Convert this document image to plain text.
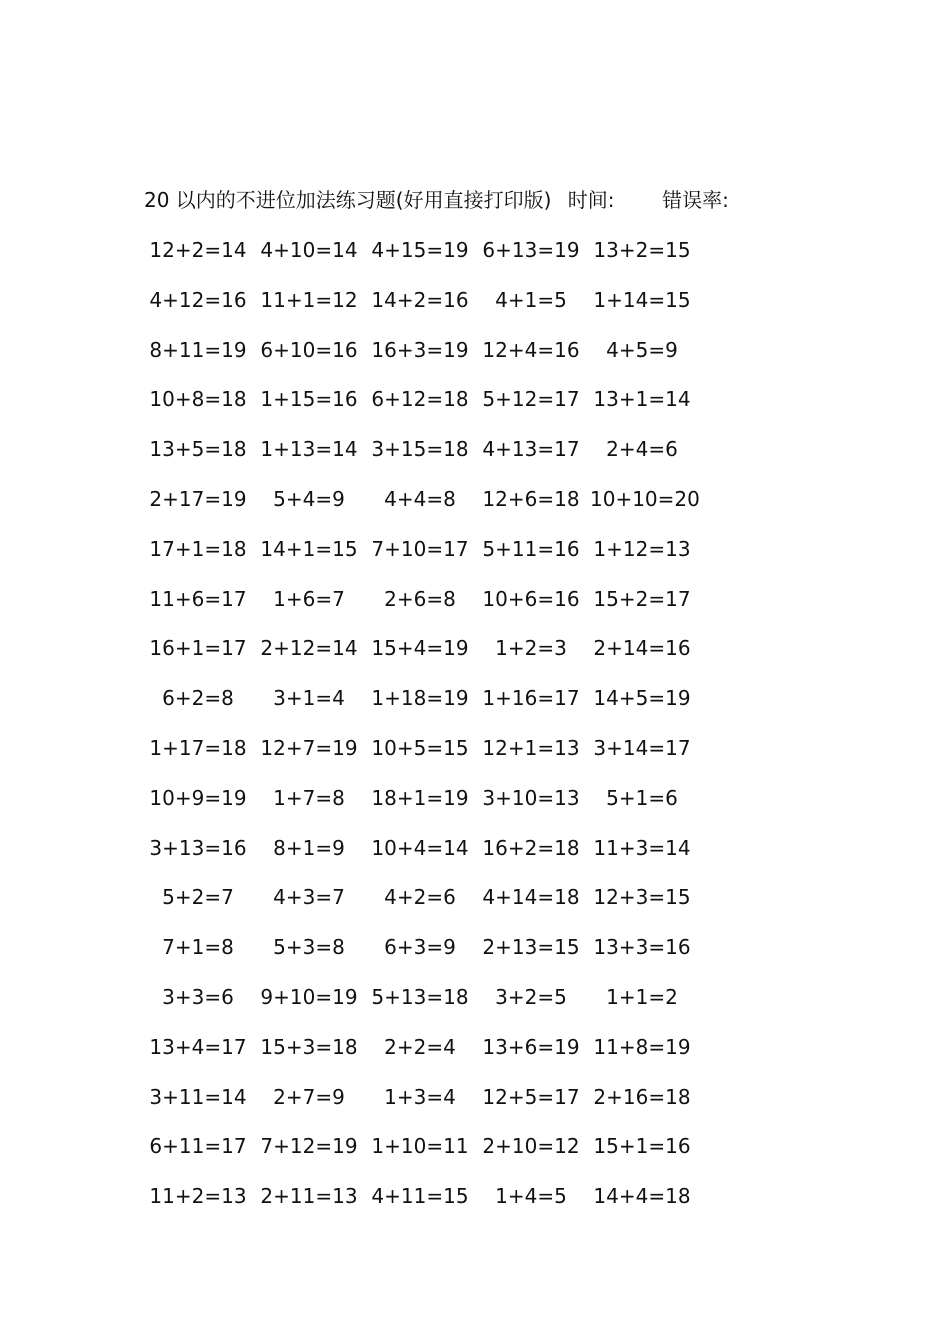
20 以内的不进位加法练习题(好用直接打印版) 时间: 错误率:
12+2=14 4+10=14 4+15=19 6+13=19 13+2=15
4+12=16 11+1=12 14+2=16	4+1=5	1+14=15
8+11=19 6+10=16 16+3=19 12+4=16	4+5=9
10+8=18 1+15=16 6+12=18 5+12=17 13+1=14
13+5=18 1+13=14 3+15=18 4+13=17	2+4=6
2+17=19	5+4=9	4+4=8	12+6=18 10+10=20
17+1=18 14+1=15 7+10=17 5+11=16 1+12=13
11+6=17	1+6=7	2+6=8	10+6=16 15+2=17
16+1=17 2+12=14 15+4=19	1+2=3	2+14=16
6+2=8	3+1=4	1+18=19 1+16=17 14+5=19
1+17=18 12+7=19 10+5=15 12+1=13 3+14=17
10+9=19	1+7=8	18+1=19 3+10=13	5+1=6
3+13=16	8+1=9	10+4=14 16+2=18 11+3=14
5+2=7	4+3=7	4+2=6	4+14=18 12+3=15
7+1=8	5+3=8	6+3=9	2+13=15 13+3=16
3+3=6	9+10=19 5+13=18	3+2=5	1+1=2
13+4=17 15+3=18	2+2=4	13+6=19 11+8=19
3+11=14	2+7=9	1+3=4	12+5=17 2+16=18
6+11=17 7+12=19 1+10=11 2+10=12 15+1=16
11+2=13 2+11=13 4+11=15	1+4=5	14+4=18
